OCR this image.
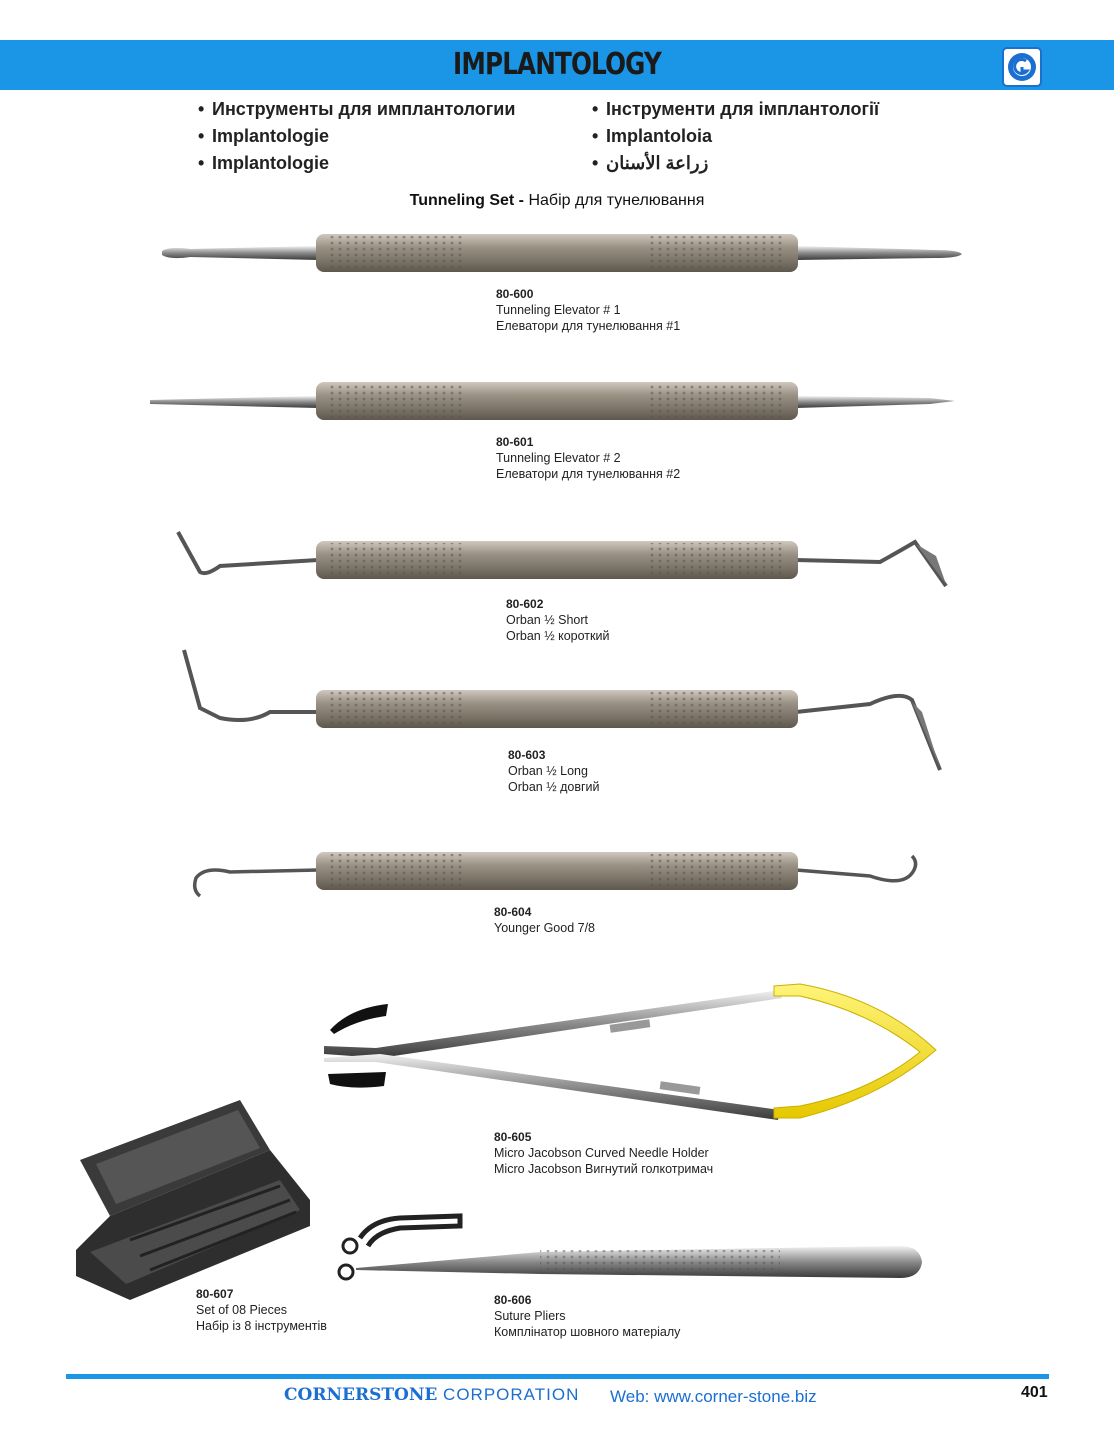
IMPLANTOLOGY
• Инструменты для имплантологии
• Implantologie
• Implantologie
• Інструменти для імплантології
• Implantoloia
• زراعة الأسنان
Tunneling Set - Набір для тунелювання
80-600
Tunneling Elevator # 1
Елеватори для тунелювання #1
80-601
Tunneling Elevator # 2
Елеватори для тунелювання #2
80-602
Orban ½ Short
Orban ½ короткий
80-603
Orban ½ Long
Orban ½ довгий
80-604
Younger Good 7/8
80-605
Micro Jacobson Curved Needle Holder
Micro Jacobson Вигнутий голкотримач
80-606
Suture Pliers
Комплінатор шовного матеріалу
80-607
Set of 08 Pieces
Набір із 8 інструментів
CORNERSTONE CORPORATION Web: www.corner-stone.biz	401
